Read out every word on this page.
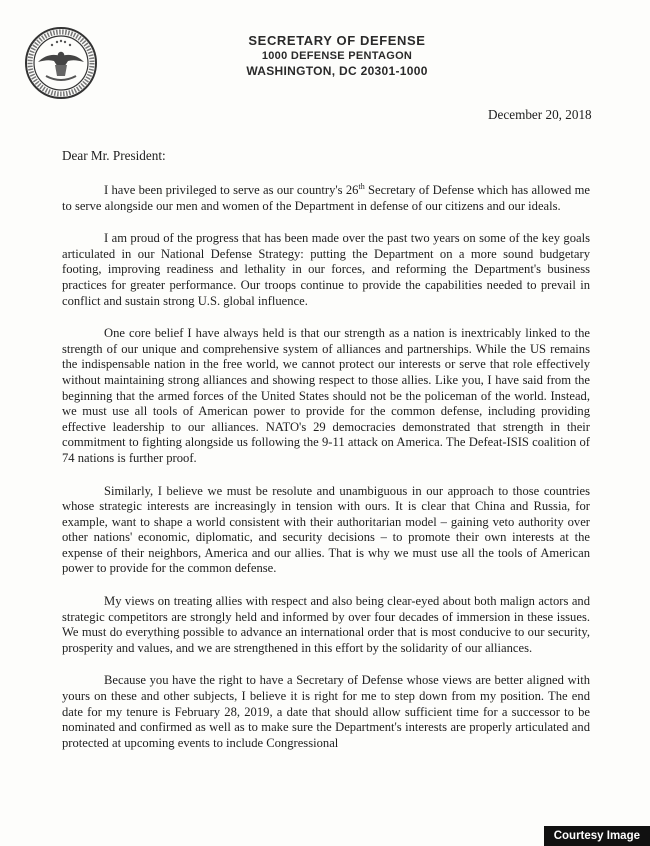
SECRETARY OF DEFENSE
1000 DEFENSE PENTAGON
WASHINGTON, DC 20301-1000
December 20, 2018
Dear Mr. President:

I have been privileged to serve as our country's 26th Secretary of Defense which has allowed me to serve alongside our men and women of the Department in defense of our citizens and our ideals.

I am proud of the progress that has been made over the past two years on some of the key goals articulated in our National Defense Strategy: putting the Department on a more sound budgetary footing, improving readiness and lethality in our forces, and reforming the Department's business practices for greater performance. Our troops continue to provide the capabilities needed to prevail in conflict and sustain strong U.S. global influence.

One core belief I have always held is that our strength as a nation is inextricably linked to the strength of our unique and comprehensive system of alliances and partnerships. While the US remains the indispensable nation in the free world, we cannot protect our interests or serve that role effectively without maintaining strong alliances and showing respect to those allies. Like you, I have said from the beginning that the armed forces of the United States should not be the policeman of the world. Instead, we must use all tools of American power to provide for the common defense, including providing effective leadership to our alliances. NATO's 29 democracies demonstrated that strength in their commitment to fighting alongside us following the 9-11 attack on America. The Defeat-ISIS coalition of 74 nations is further proof.

Similarly, I believe we must be resolute and unambiguous in our approach to those countries whose strategic interests are increasingly in tension with ours. It is clear that China and Russia, for example, want to shape a world consistent with their authoritarian model – gaining veto authority over other nations' economic, diplomatic, and security decisions – to promote their own interests at the expense of their neighbors, America and our allies. That is why we must use all the tools of American power to provide for the common defense.

My views on treating allies with respect and also being clear-eyed about both malign actors and strategic competitors are strongly held and informed by over four decades of immersion in these issues. We must do everything possible to advance an international order that is most conducive to our security, prosperity and values, and we are strengthened in this effort by the solidarity of our alliances.

Because you have the right to have a Secretary of Defense whose views are better aligned with yours on these and other subjects, I believe it is right for me to step down from my position. The end date for my tenure is February 28, 2019, a date that should allow sufficient time for a successor to be nominated and confirmed as well as to make sure the Department's interests are properly articulated and protected at upcoming events to include Congressional

Courtesy Image
